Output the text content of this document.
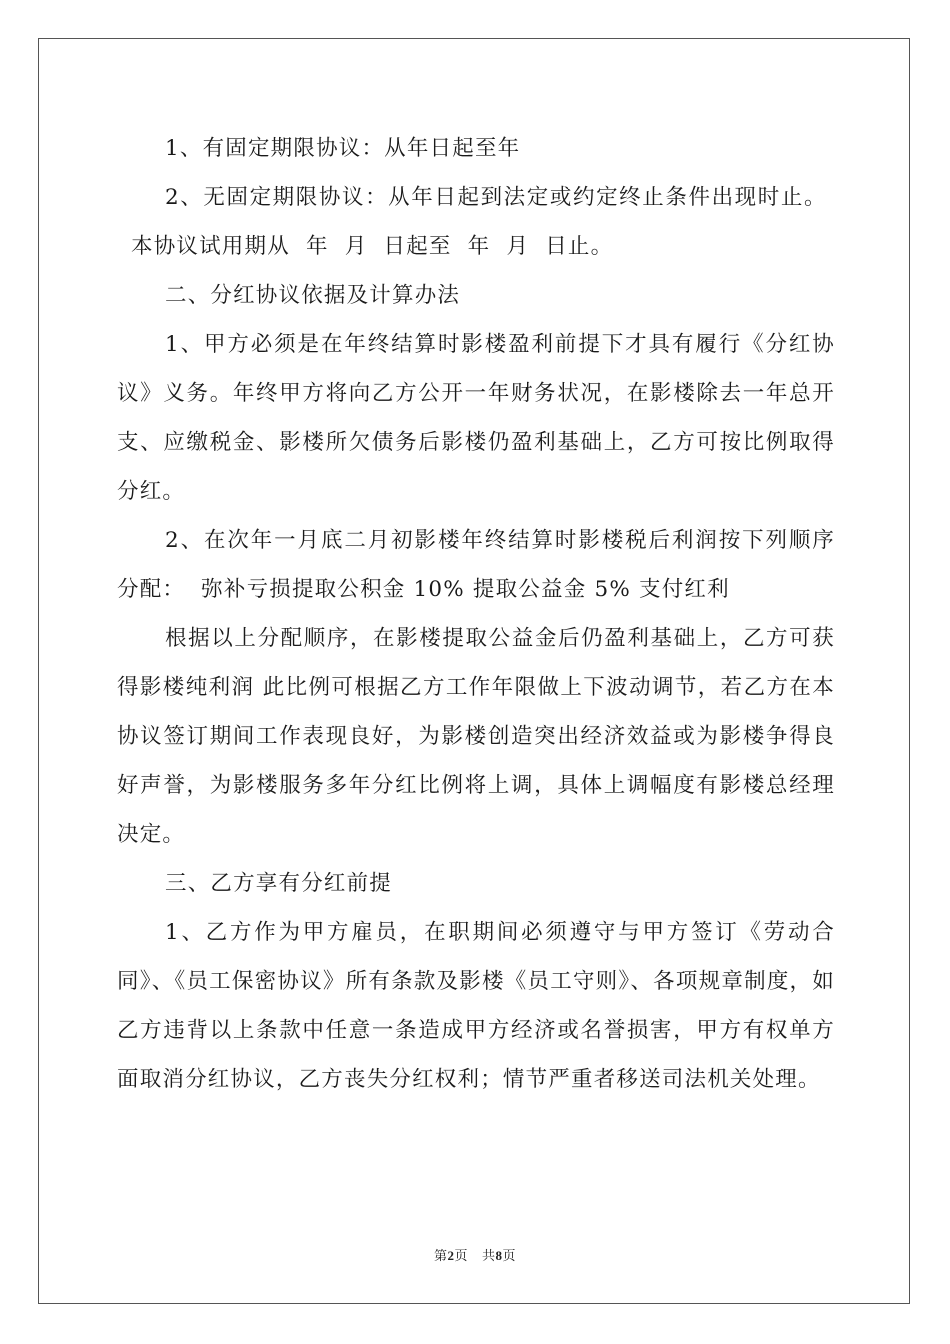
1、有固定期限协议：从年日起至年

2、无固定期限协议：从年日起到法定或约定终止条件出现时止。

本协议试用期从  年  月  日起至  年  月  日止。

二、分红协议依据及计算办法

1、甲方必须是在年终结算时影楼盈利前提下才具有履行《分红协议》义务。年终甲方将向乙方公开一年财务状况，在影楼除去一年总开支、应缴税金、影楼所欠债务后影楼仍盈利基础上，乙方可按比例取得分红。

2、在次年一月底二月初影楼年终结算时影楼税后利润按下列顺序分配：  弥补亏损提取公积金 10% 提取公益金 5% 支付红利

根据以上分配顺序，在影楼提取公益金后仍盈利基础上，乙方可获得影楼纯利润 此比例可根据乙方工作年限做上下波动调节，若乙方在本协议签订期间工作表现良好，为影楼创造突出经济效益或为影楼争得良好声誉，为影楼服务多年分红比例将上调，具体上调幅度有影楼总经理决定。

三、乙方享有分红前提

1、乙方作为甲方雇员，在职期间必须遵守与甲方签订《劳动合同》、《员工保密协议》所有条款及影楼《员工守则》、各项规章制度，如乙方违背以上条款中任意一条造成甲方经济或名誉损害，甲方有权单方面取消分红协议，乙方丧失分红权利；情节严重者移送司法机关处理。

第2页 共8页
